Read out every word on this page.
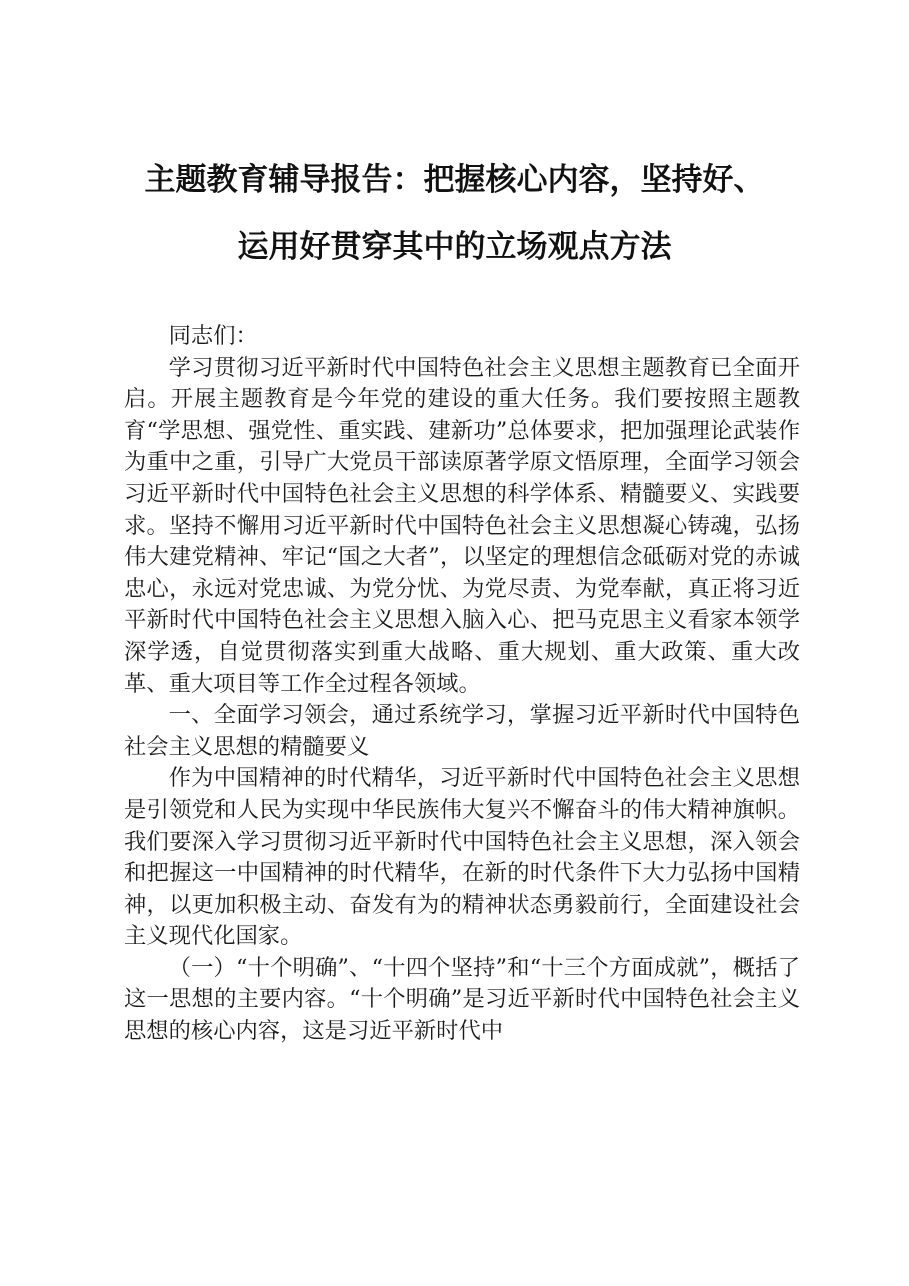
主题教育辅导报告：把握核心内容，坚持好、
运用好贯穿其中的立场观点方法

同志们：

学习贯彻习近平新时代中国特色社会主义思想主题教育已全面开启。开展主题教育是今年党的建设的重大任务。我们要按照主题教育“学思想、强党性、重实践、建新功”总体要求，把加强理论武装作为重中之重，引导广大党员干部读原著学原文悟原理，全面学习领会习近平新时代中国特色社会主义思想的科学体系、精髓要义、实践要求。坚持不懈用习近平新时代中国特色社会主义思想凝心铸魂，弘扬伟大建党精神、牢记“国之大者”，以坚定的理想信念砥砺对党的赤诚忠心，永远对党忠诚、为党分忧、为党尽责、为党奉献，真正将习近平新时代中国特色社会主义思想入脑入心、把马克思主义看家本领学深学透，自觉贯彻落实到重大战略、重大规划、重大政策、重大改革、重大项目等工作全过程各领域。

一、全面学习领会，通过系统学习，掌握习近平新时代中国特色社会主义思想的精髓要义

作为中国精神的时代精华，习近平新时代中国特色社会主义思想是引领党和人民为实现中华民族伟大复兴不懈奋斗的伟大精神旗帜。我们要深入学习贯彻习近平新时代中国特色社会主义思想，深入领会和把握这一中国精神的时代精华，在新的时代条件下大力弘扬中国精神，以更加积极主动、奋发有为的精神状态勇毅前行，全面建设社会主义现代化国家。

（一）“十个明确”、“十四个坚持”和“十三个方面成就”，概括了这一思想的主要内容。“十个明确”是习近平新时代中国特色社会主义思想的核心内容，这是习近平新时代中
